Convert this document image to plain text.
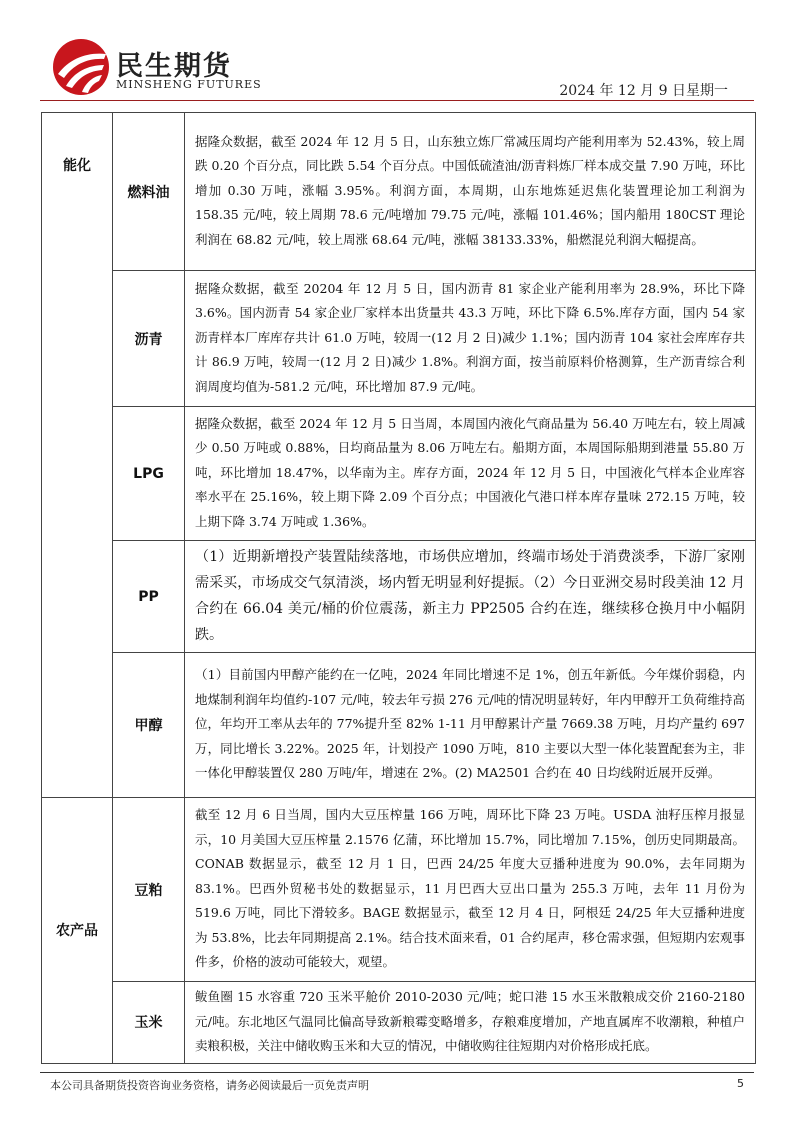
民生期货
MINSHENG FUTURES	2024 年 12 月 9 日星期一
能化	燃料油	据隆众数据，截至 2024 年 12 月 5 日，山东独立炼厂常减压周均产能利用率为 52.43%，较上周跌 0.20 个百分点，同比跌 5.54 个百分点。中国低硫渣油/沥青料炼厂样本成交量 7.90 万吨，环比增加 0.30 万吨，涨幅 3.95%。利润方面，本周期，山东地炼延迟焦化装置理论加工利润为 158.35 元/吨，较上周期 78.6 元/吨增加 79.75 元/吨，涨幅 101.46%；国内船用 180CST 理论利润在 68.82 元/吨，较上周涨 68.64 元/吨，涨幅 38133.33%，船燃混兑利润大幅提高。
	沥青	据隆众数据，截至 20204 年 12 月 5 日，国内沥青 81 家企业产能利用率为 28.9%，环比下降 3.6%。国内沥青 54 家企业厂家样本出货量共 43.3 万吨，环比下降 6.5%.库存方面，国内 54 家沥青样本厂库库存共计 61.0 万吨，较周一(12 月 2 日)减少 1.1%；国内沥青 104 家社会库库存共计 86.9 万吨，较周一(12 月 2 日)减少 1.8%。利润方面，按当前原料价格测算，生产沥青综合利润周度均值为-581.2 元/吨，环比增加 87.9 元/吨。
	LPG	据隆众数据，截至 2024 年 12 月 5 日当周，本周国内液化气商品量为 56.40 万吨左右，较上周减少 0.50 万吨或 0.88%，日均商品量为 8.06 万吨左右。船期方面，本周国际船期到港量 55.80 万吨，环比增加 18.47%，以华南为主。库存方面，2024 年 12 月 5 日，中国液化气样本企业库容率水平在 25.16%，较上期下降 2.09 个百分点；中国液化气港口样本库存量味 272.15 万吨，较上期下降 3.74 万吨或 1.36%。
	PP	（1）近期新增投产装置陆续落地，市场供应增加，终端市场处于消费淡季，下游厂家刚需采买，市场成交气氛清淡，场内暂无明显利好提振。（2）今日亚洲交易时段美油 12 月合约在 66.04 美元/桶的价位震荡，新主力 PP2505 合约在连，继续移仓换月中小幅阴跌。
	甲醇	（1）目前国内甲醇产能约在一亿吨，2024 年同比增速不足 1%，创五年新低。今年煤价弱稳，内地煤制利润年均值约-107 元/吨，较去年亏损 276 元/吨的情况明显转好，年内甲醇开工负荷维持高位，年均开工率从去年的 77%提升至 82% 1-11 月甲醇累计产量 7669.38 万吨，月均产量约 697 万，同比增长 3.22%。2025 年，计划投产 1090 万吨，810 主要以大型一体化装置配套为主，非一体化甲醇装置仅 280 万吨/年，增速在 2%。(2) MA2501 合约在 40 日均线附近展开反弹。
农产品	豆粕	截至 12 月 6 日当周，国内大豆压榨量 166 万吨，周环比下降 23 万吨。USDA 油籽压榨月报显示，10 月美国大豆压榨量 2.1576 亿蒲，环比增加 15.7%，同比增加 7.15%，创历史同期最高。CONAB 数据显示，截至 12 月 1 日，巴西 24/25 年度大豆播种进度为 90.0%，去年同期为 83.1%。巴西外贸秘书处的数据显示，11 月巴西大豆出口量为 255.3 万吨，去年 11 月份为 519.6 万吨，同比下滑较多。BAGE 数据显示，截至 12 月 4 日，阿根廷 24/25 年大豆播种进度为 53.8%，比去年同期提高 2.1%。结合技术面来看，01 合约尾声，移仓需求强，但短期内宏观事件多，价格的波动可能较大，观望。
	玉米	鲅鱼圈 15 水容重 720 玉米平舱价 2010-2030 元/吨；蛇口港 15 水玉米散粮成交价 2160-2180 元/吨。东北地区气温同比偏高导致新粮霉变略增多，存粮难度增加，产地直属库不收潮粮，种植户卖粮积极，关注中储收购玉米和大豆的情况，中储收购往往短期内对价格形成托底。
本公司具备期货投资咨询业务资格，请务必阅读最后一页免责声明	5
